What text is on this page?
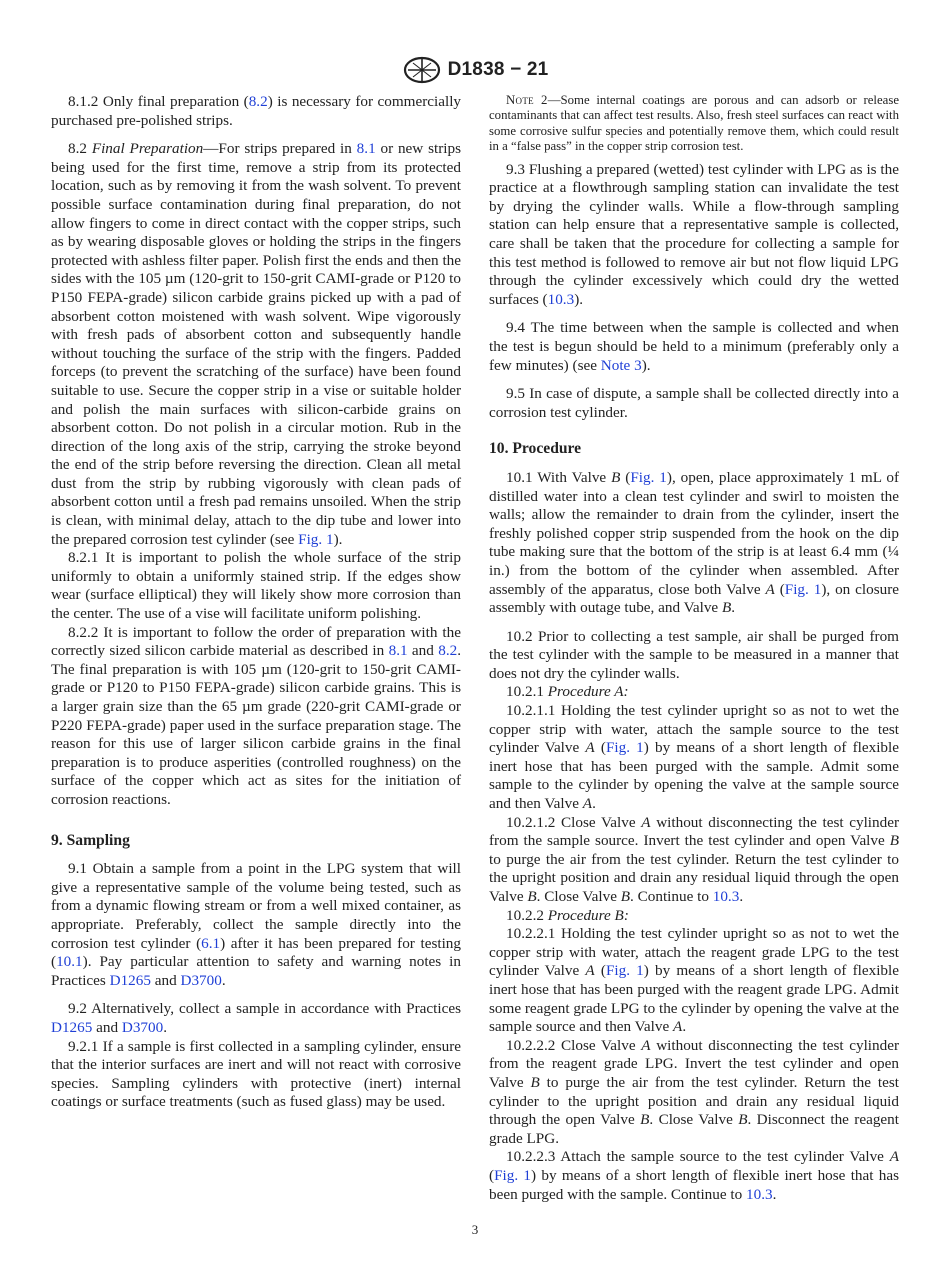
D1838 − 21

8.1.2 Only final preparation (8.2) is necessary for commercially purchased pre-polished strips.

8.2 Final Preparation—For strips prepared in 8.1 or new strips being used for the first time, remove a strip from its protected location, such as by removing it from the wash solvent. To prevent possible surface contamination during final preparation, do not allow fingers to come in direct contact with the copper strips, such as by wearing disposable gloves or holding the strips in the fingers protected with ashless filter paper. Polish first the ends and then the sides with the 105 µm (120-grit to 150-grit CAMI-grade or P120 to P150 FEPA-grade) silicon carbide grains picked up with a pad of absorbent cotton moistened with wash solvent. Wipe vigorously with fresh pads of absorbent cotton and subsequently handle without touching the surface of the strip with the fingers. Padded forceps (to prevent the scratching of the surface) have been found suitable to use. Secure the copper strip in a vise or suitable holder and polish the main surfaces with silicon-carbide grains on absorbent cotton. Do not polish in a circular motion. Rub in the direction of the long axis of the strip, carrying the stroke beyond the end of the strip before reversing the direction. Clean all metal dust from the strip by rubbing vigorously with clean pads of absorbent cotton until a fresh pad remains unsoiled. When the strip is clean, with minimal delay, attach to the dip tube and lower into the prepared corrosion test cylinder (see Fig. 1).

8.2.1 It is important to polish the whole surface of the strip uniformly to obtain a uniformly stained strip. If the edges show wear (surface elliptical) they will likely show more corrosion than the center. The use of a vise will facilitate uniform polishing.

8.2.2 It is important to follow the order of preparation with the correctly sized silicon carbide material as described in 8.1 and 8.2. The final preparation is with 105 µm (120-grit to 150-grit CAMI-grade or P120 to P150 FEPA-grade) silicon carbide grains. This is a larger grain size than the 65 µm grade (220-grit CAMI-grade or P220 FEPA-grade) paper used in the surface preparation stage. The reason for this use of larger silicon carbide grains in the final preparation is to produce asperities (controlled roughness) on the surface of the copper which act as sites for the initiation of corrosion reactions.

9. Sampling

9.1 Obtain a sample from a point in the LPG system that will give a representative sample of the volume being tested, such as from a dynamic flowing stream or from a well mixed container, as appropriate. Preferably, collect the sample directly into the corrosion test cylinder (6.1) after it has been prepared for testing (10.1). Pay particular attention to safety and warning notes in Practices D1265 and D3700.

9.2 Alternatively, collect a sample in accordance with Practices D1265 and D3700.

9.2.1 If a sample is first collected in a sampling cylinder, ensure that the interior surfaces are inert and will not react with corrosive species. Sampling cylinders with protective (inert) internal coatings or surface treatments (such as fused glass) may be used.

Note 2—Some internal coatings are porous and can adsorb or release contaminants that can affect test results. Also, fresh steel surfaces can react with some corrosive sulfur species and potentially remove them, which could result in a “false pass” in the copper strip corrosion test.

9.3 Flushing a prepared (wetted) test cylinder with LPG as is the practice at a flowthrough sampling station can invalidate the test by drying the cylinder walls. While a flow-through sampling station can help ensure that a representative sample is collected, care shall be taken that the procedure for collecting a sample for this test method is followed to remove air but not flow liquid LPG through the cylinder excessively which could dry the wetted surfaces (10.3).

9.4 The time between when the sample is collected and when the test is begun should be held to a minimum (preferably only a few minutes) (see Note 3).

9.5 In case of dispute, a sample shall be collected directly into a corrosion test cylinder.

10. Procedure

10.1 With Valve B (Fig. 1), open, place approximately 1 mL of distilled water into a clean test cylinder and swirl to moisten the walls; allow the remainder to drain from the cylinder, insert the freshly polished copper strip suspended from the hook on the dip tube making sure that the bottom of the strip is at least 6.4 mm (¼ in.) from the bottom of the cylinder when assembled. After assembly of the apparatus, close both Valve A (Fig. 1), on closure assembly with outage tube, and Valve B.

10.2 Prior to collecting a test sample, air shall be purged from the test cylinder with the sample to be measured in a manner that does not dry the cylinder walls.

10.2.1 Procedure A:

10.2.1.1 Holding the test cylinder upright so as not to wet the copper strip with water, attach the sample source to the test cylinder Valve A (Fig. 1) by means of a short length of flexible inert hose that has been purged with the sample. Admit some sample to the cylinder by opening the valve at the sample source and then Valve A.

10.2.1.2 Close Valve A without disconnecting the test cylinder from the sample source. Invert the test cylinder and open Valve B to purge the air from the test cylinder. Return the test cylinder to the upright position and drain any residual liquid through the open Valve B. Close Valve B. Continue to 10.3.

10.2.2 Procedure B:

10.2.2.1 Holding the test cylinder upright so as not to wet the copper strip with water, attach the reagent grade LPG to the test cylinder Valve A (Fig. 1) by means of a short length of flexible inert hose that has been purged with the reagent grade LPG. Admit some reagent grade LPG to the cylinder by opening the valve at the sample source and then Valve A.

10.2.2.2 Close Valve A without disconnecting the test cylinder from the reagent grade LPG. Invert the test cylinder and open Valve B to purge the air from the test cylinder. Return the test cylinder to the upright position and drain any residual liquid through the open Valve B. Close Valve B. Disconnect the reagent grade LPG.

10.2.2.3 Attach the sample source to the test cylinder Valve A (Fig. 1) by means of a short length of flexible inert hose that has been purged with the sample. Continue to 10.3.

3
